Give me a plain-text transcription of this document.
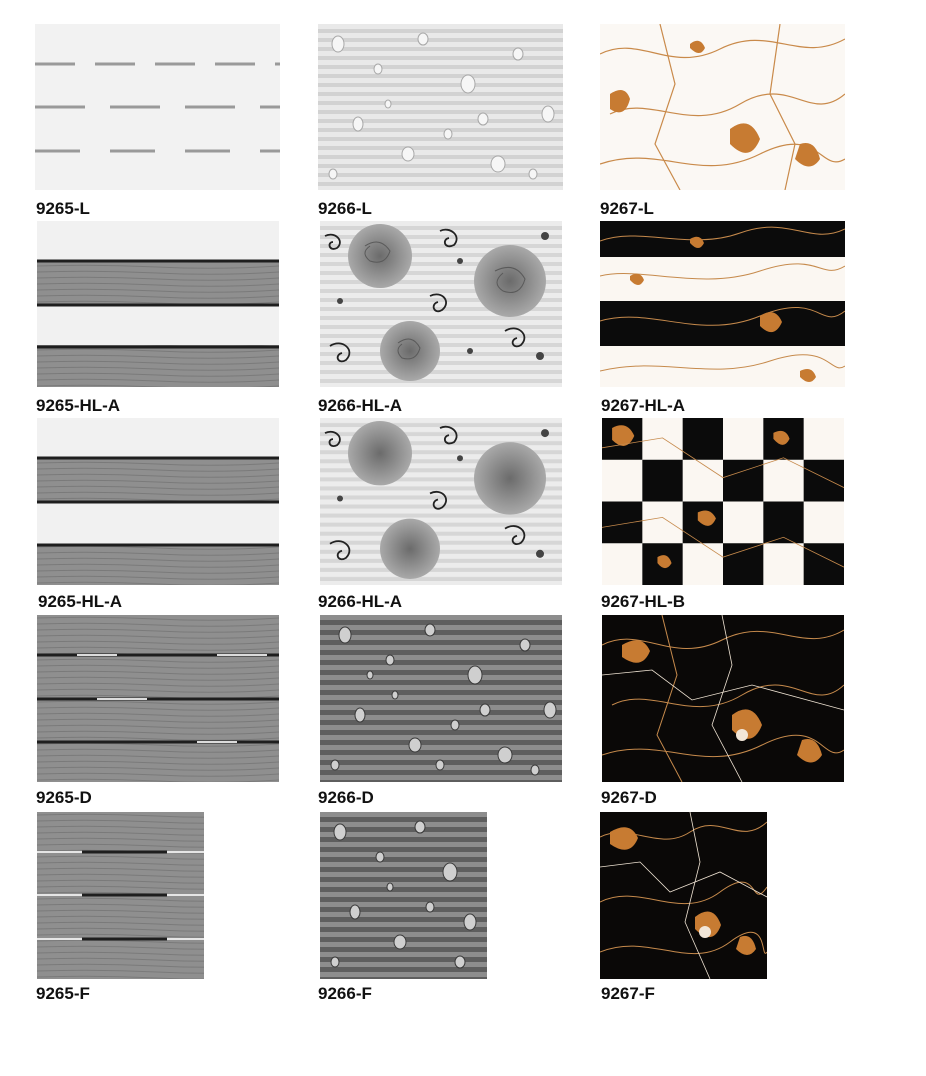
9265-L	9266-L	9267-L
9265-HL-A	9266-HL-A	9267-HL-A
9265-HL-A	9266-HL-A	9267-HL-B
9265-D	9266-D	9267-D
9265-F	9266-F	9267-F
